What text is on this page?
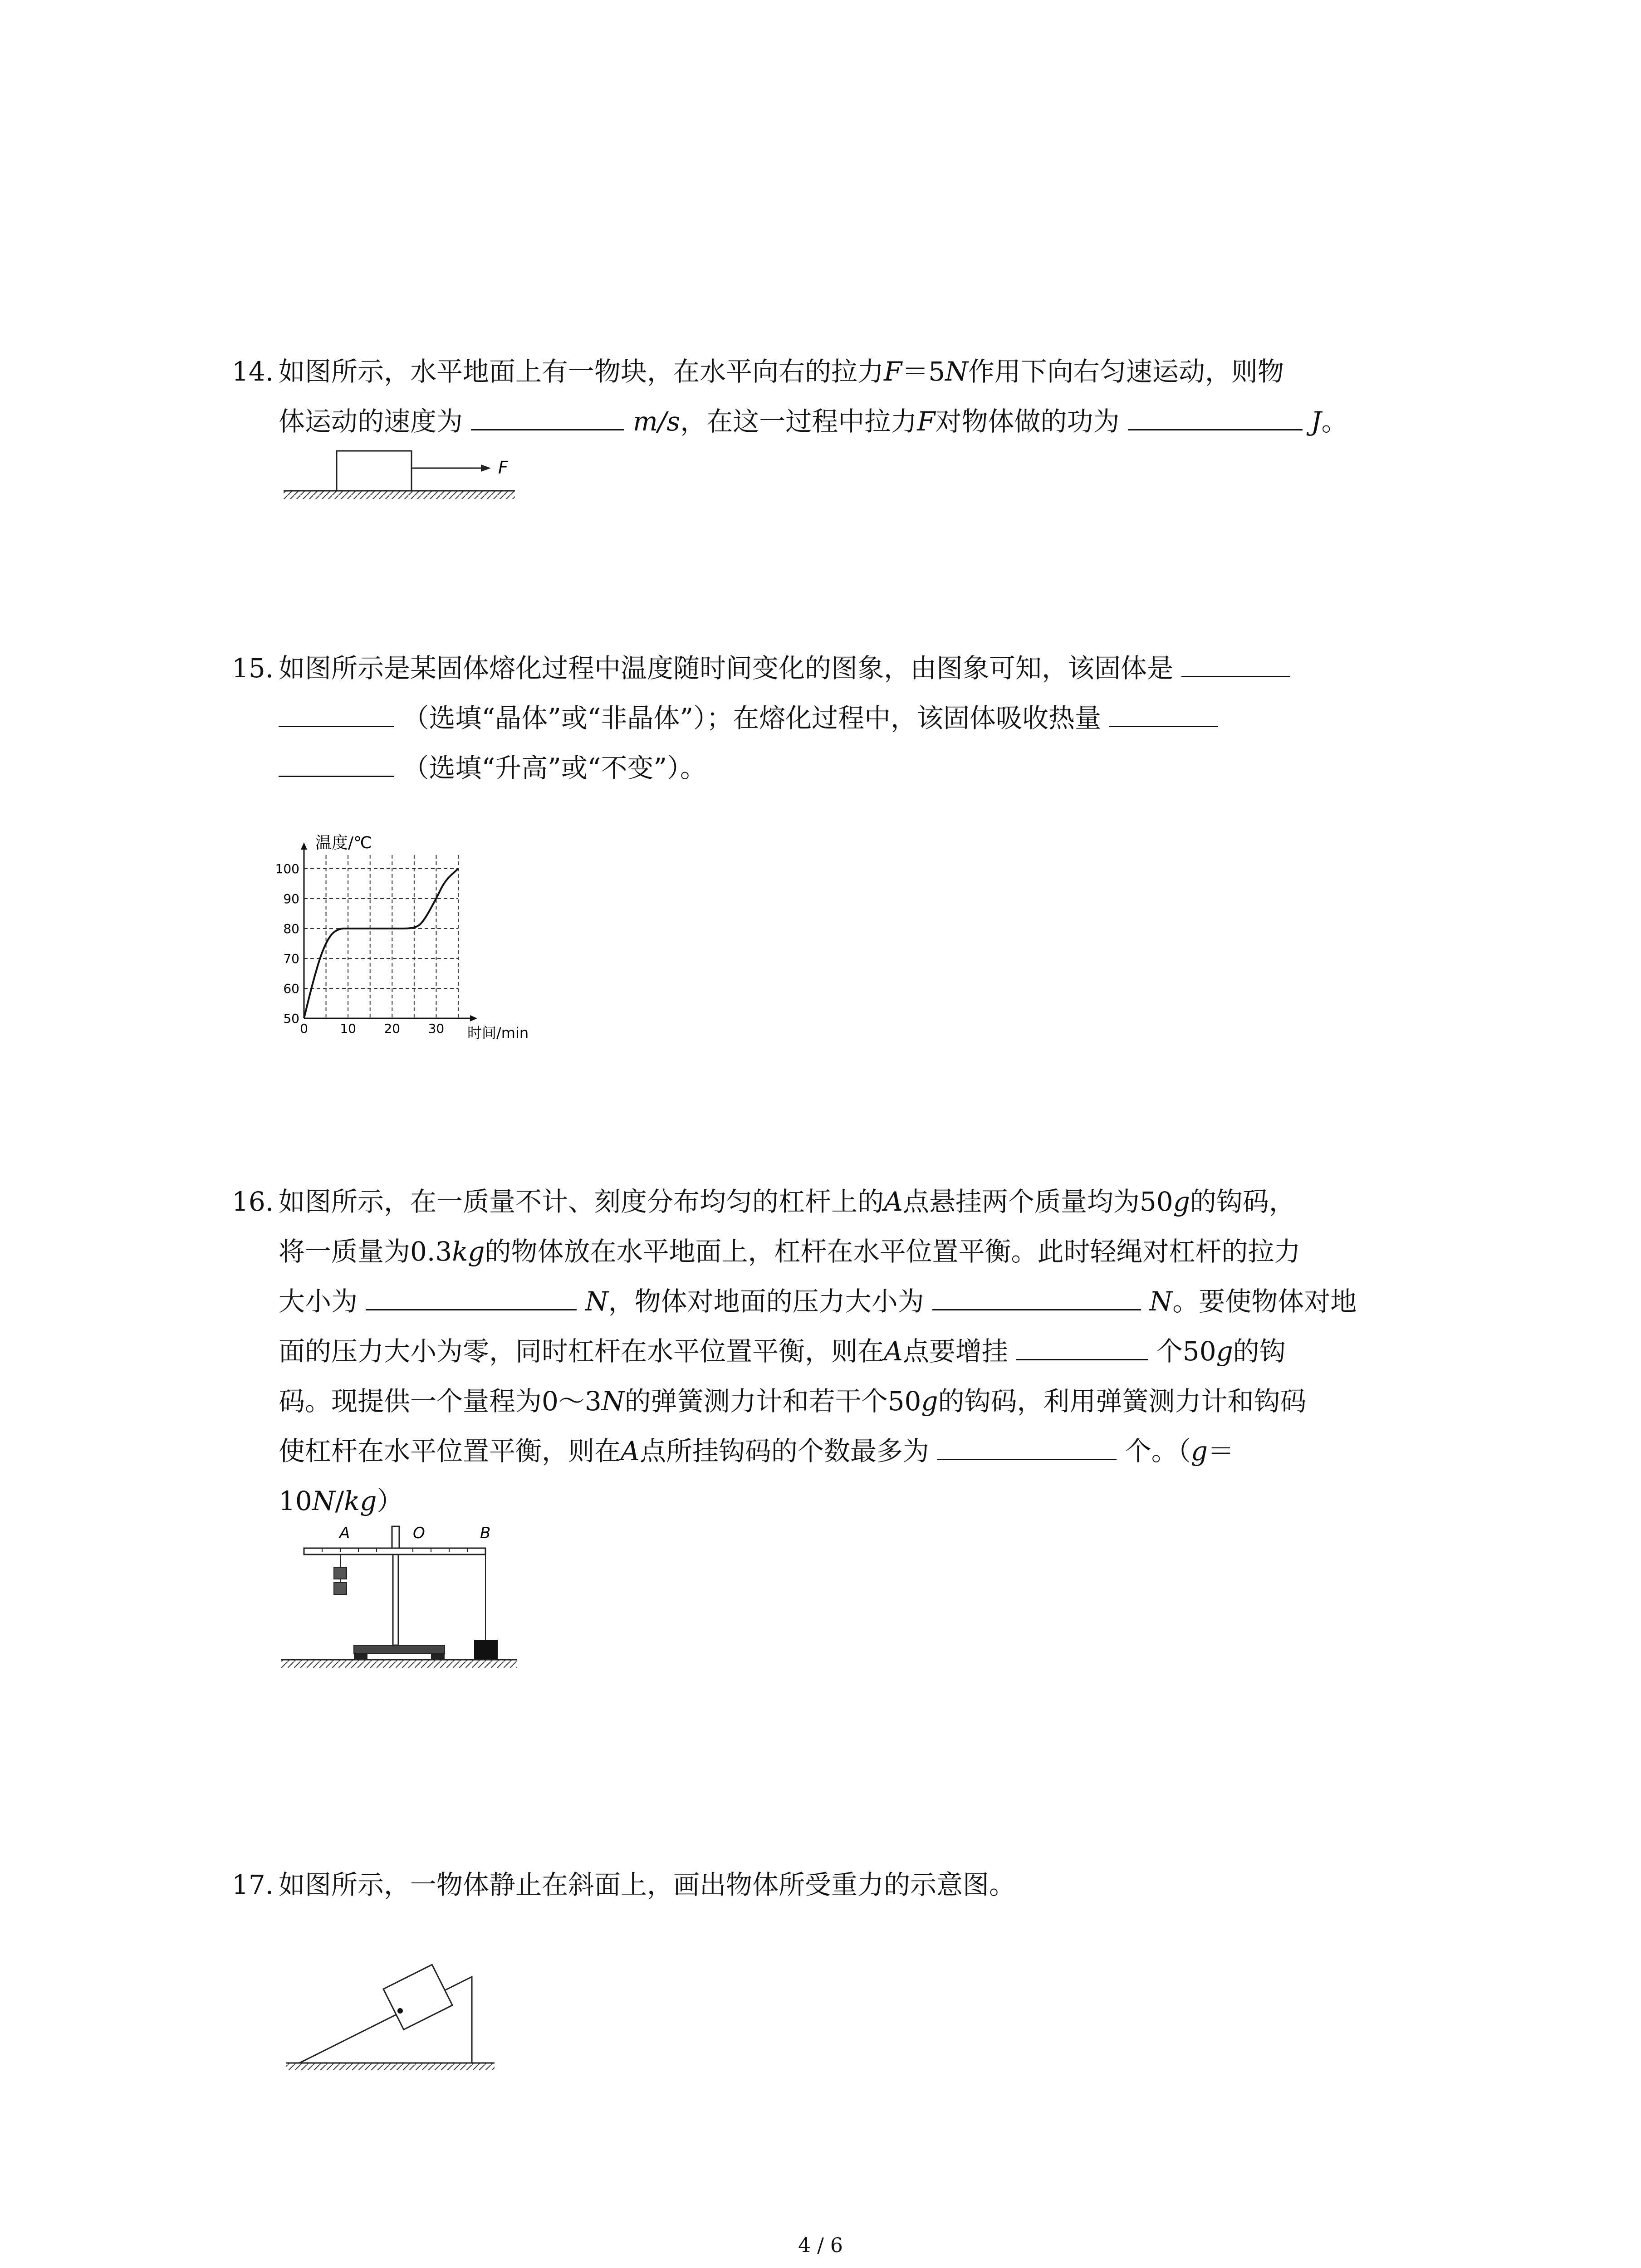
14. 如图所示，水平地面上有一物块，在水平向右的拉力F＝5N作用下向右匀速运动，则物
体运动的速度为	m/s，在这一过程中拉力F对物体做的功为	J。
F
15. 如图所示是某固体熔化过程中温度随时间变化的图象，由图象可知，该固体是
（选填“晶体”或“非晶体”）；在熔化过程中，该固体吸收热量
（选填“升高”或“不变”）。
0	10 20 30
50
60
70
80
90
100
温度/℃
时间/min
16. 如图所示，在一质量不计、刻度分布均匀的杠杆上的A点悬挂两个质量均为50g的钩码，
将一质量为0.3kg的物体放在水平地面上，杠杆在水平位置平衡。此时轻绳对杠杆的拉力
大小为	N，物体对地面的压力大小为	N。要使物体对地
面的压力大小为零，同时杠杆在水平位置平衡，则在A点要增挂	个50g的钩
码。现提供一个量程为0～3N的弹簧测力计和若干个50g的钩码，利用弹簧测力计和钩码
使杠杆在水平位置平衡，则在A点所挂钩码的个数最多为	个。（g＝
10N/kg）
A	O	B
17. 如图所示，一物体静止在斜面上，画出物体所受重力的示意图。
4 / 6
